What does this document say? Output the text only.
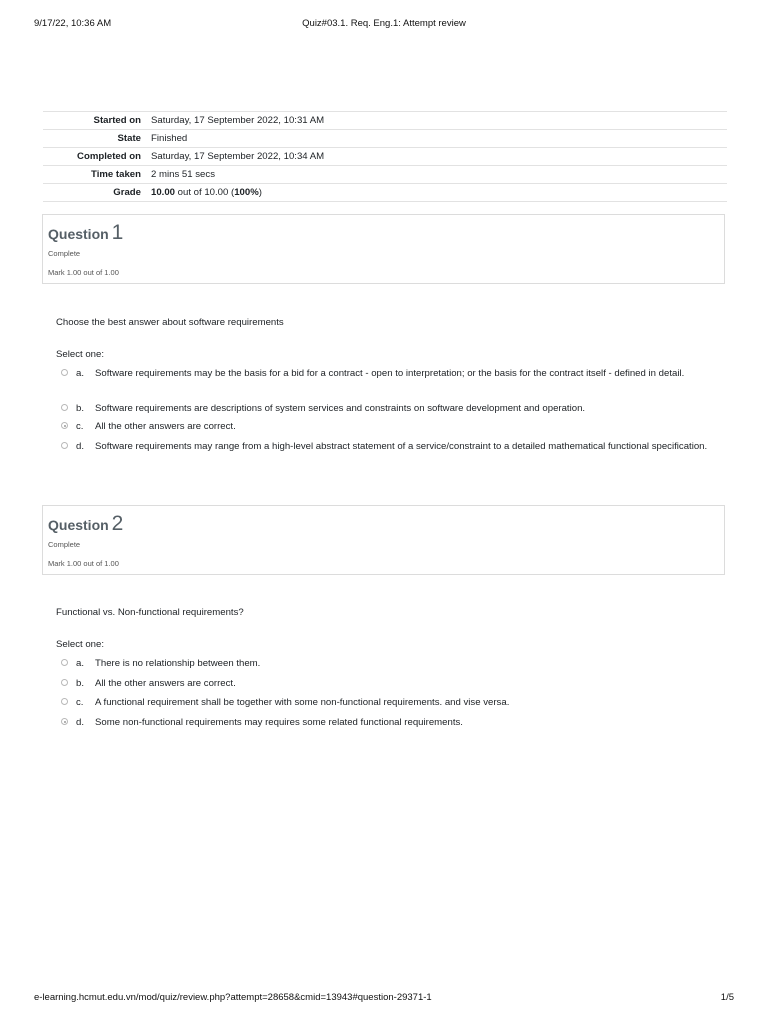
9/17/22, 10:36 AM	Quiz#03.1. Req. Eng.1: Attempt review
Started on	Saturday, 17 September 2022, 10:31 AM
State	Finished
Completed on	Saturday, 17 September 2022, 10:34 AM
Time taken	2 mins 51 secs
Grade	10.00 out of 10.00 (100%)
Question 1
Complete
Mark 1.00 out of 1.00
Choose the best answer about software requirements
Select one:
a. Software requirements may be the basis for a bid for a contract - open to interpretation; or the basis for the contract itself - defined in detail.
b. Software requirements are descriptions of system services and constraints on software development and operation.
c. All the other answers are correct.
d. Software requirements may range from a high-level abstract statement of a service/constraint to a detailed mathematical functional specification.
Question 2
Complete
Mark 1.00 out of 1.00
Functional vs. Non-functional requirements?
Select one:
a. There is no relationship between them.
b. All the other answers are correct.
c. A functional requirement shall be together with some non-functional requirements. and vise versa.
d. Some non-functional requirements may requires some related functional requirements.
e-learning.hcmut.edu.vn/mod/quiz/review.php?attempt=28658&cmid=13943#question-29371-1	1/5
